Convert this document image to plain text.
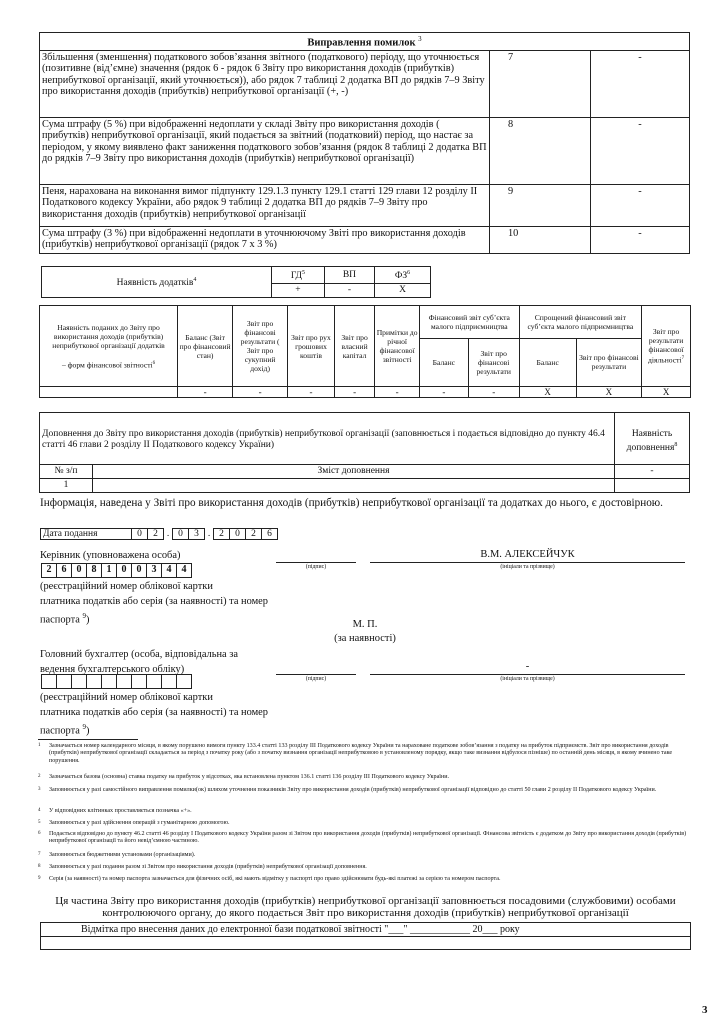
Виправлення помилок $^3$
Збільшення (зменшення) податкового зобов’язання звітного (податкового) періоду, що уточнюється (позитивне (від’ємне) значення (рядок 6 - рядок 6 Звіту про використання доходів (прибутків) неприбуткової організації, який уточнюється)), або рядок 7 таблиці 2 додатка ВП до рядків 7–9 Звіту про використання доходів (прибутків) неприбуткової організації (+, -)	7	-
Сума штрафу (5 %) при відображенні недоплати у складі Звіту про використання доходів ( прибутків) неприбуткової організації, який подається за звітний (податковий) період, що настає за періодом, у якому виявлено факт заниження податкового зобов’язання (рядок 8 таблиці 2 додатка ВП до рядків 7–9 Звіту про використання доходів (прибутків) неприбуткової організації)	8	-
Пеня, нарахована на виконання вимог підпункту 129.1.3 пункту 129.1 статті 129 глави 12 розділу II Податкового кодексу України, або рядок 9 таблиці 2 додатка ВП до рядків 7–9 Звіту про використання доходів (прибутків) неприбуткової організації	9	-
Сума штрафу (3 %) при відображенні недоплати в уточнюючому Звіті про використання доходів (прибутків) неприбуткової організації (рядок 7 х 3 %)	10	-
Наявність додатків$^4$	$ГД^5$	ВП	$ФЗ^6$
	+	-	Х
Наявність поданих до Звіту про використання доходів (прибутків) неприбуткової організації додатків

– форм фінансової звітності$^6$	Баланс (Звіт про фінансовий стан)	Звіт про фінансові результати ( Звіт про сукупний дохід)	Звіт про рух грошових коштів	Звіт про власний капітал	Примітки до річної фінансової звітності	Фінансовий звіт суб’єкта малого підприємництва		Спрощений фінансовий звіт суб’єкта малого підприємництва		Звіт про результати фінансової діяльності$^7$
						Баланс	Звіт про фінансові результати	Баланс	Звіт про фінансові результати	
	-	-	-	-	-	-	-	Х	Х	Х
Доповнення до Звіту про використання доходів (прибутків) неприбуткової організації (заповнюється і подається відповідно до пункту 46.4 статті 46 глави 2 розділу II Податкового кодексу України)		Наявність доповнення$^8$
№ з/п	Зміст доповнення	-
1		
Інформація, наведена у Звіті про використання доходів (прибутків) неприбуткової організації та додатках до нього, є достовірною.
Дата подання	0	2	.	0	3	.	2	0	2	6
Керівник (уповноважена особа)
2	6	0	8	1	0	0	3	4	4
(реєстраційний номер облікової картки
платника податків або серія (за наявності) та номер
паспорта $^9$)
(підпис)
В.М. АЛЕКСЕЙЧУК
(ініціали та прізвище)
М. П.
(за наявності)
Головний бухгалтер (особа, відповідальна за
ведення бухгалтерського обліку)

(реєстраційний номер облікової картки
платника податків або серія (за наявності) та номер
паспорта $^9$)
(підпис)
-
(ініціали та прізвище)
1 Зазначається номер календарного місяця, в якому порушено вимоги пункту 133.4 статті 133 розділу III Податкового кодексу України та нараховане податкове зобов’язання з податку на прибуток підприємств. Звіт про використання доходів (прибутків) неприбуткової організації складається за період з початку року (або з початку визнання організації неприбутковою в установленому порядку, якщо таке визнання відбулося пізніше) по останній день місяця, в якому вчинено таке порушення.
2 Зазначається базова (основна) ставка податку на прибуток у відсотках, яка встановлена пунктом 136.1 статті 136 розділу III Податкового кодексу України.
3 Заповнюється у разі самостійного виправлення помилки(ок) шляхом уточнення показників Звіту про використання доходів (прибутків) неприбуткової організації відповідно до статті 50 глави 2 розділу II Податкового кодексу України.
4 У відповідних клітинках проставляється позначка «+».
5 Заповнюється у разі здійснення операцій з гуманітарною допомогою.
6 Подається відповідно до пункту 46.2 статті 46 розділу I Податкового кодексу України разом зі Звітом про використання доходів (прибутків) неприбуткової організації. Фінансова звітність є додатком до Звіту про використання доходів (прибутків) неприбуткової організації та його невід’ємною частиною.
7 Заповнюється бюджетними установами (організаціями).
8 Заповнюється у разі подання разом зі Звітом про використання доходів (прибутків) неприбуткової організації доповнення.
9 Серія (за наявності) та номер паспорта зазначається для фізичних осіб, які мають відмітку у паспорті про право здійснювати будь-які платежі за серією та номером паспорта.
Ця частина Звіту про використання доходів (прибутків) неприбуткової організації заповнюється посадовими (службовими) особами контролюючого органу, до якого подається Звіт про використання доходів (прибутків) неприбуткової організації
Відмітка про внесення даних до електронної бази податкової звітності "___" ____________ 20___ року

3
